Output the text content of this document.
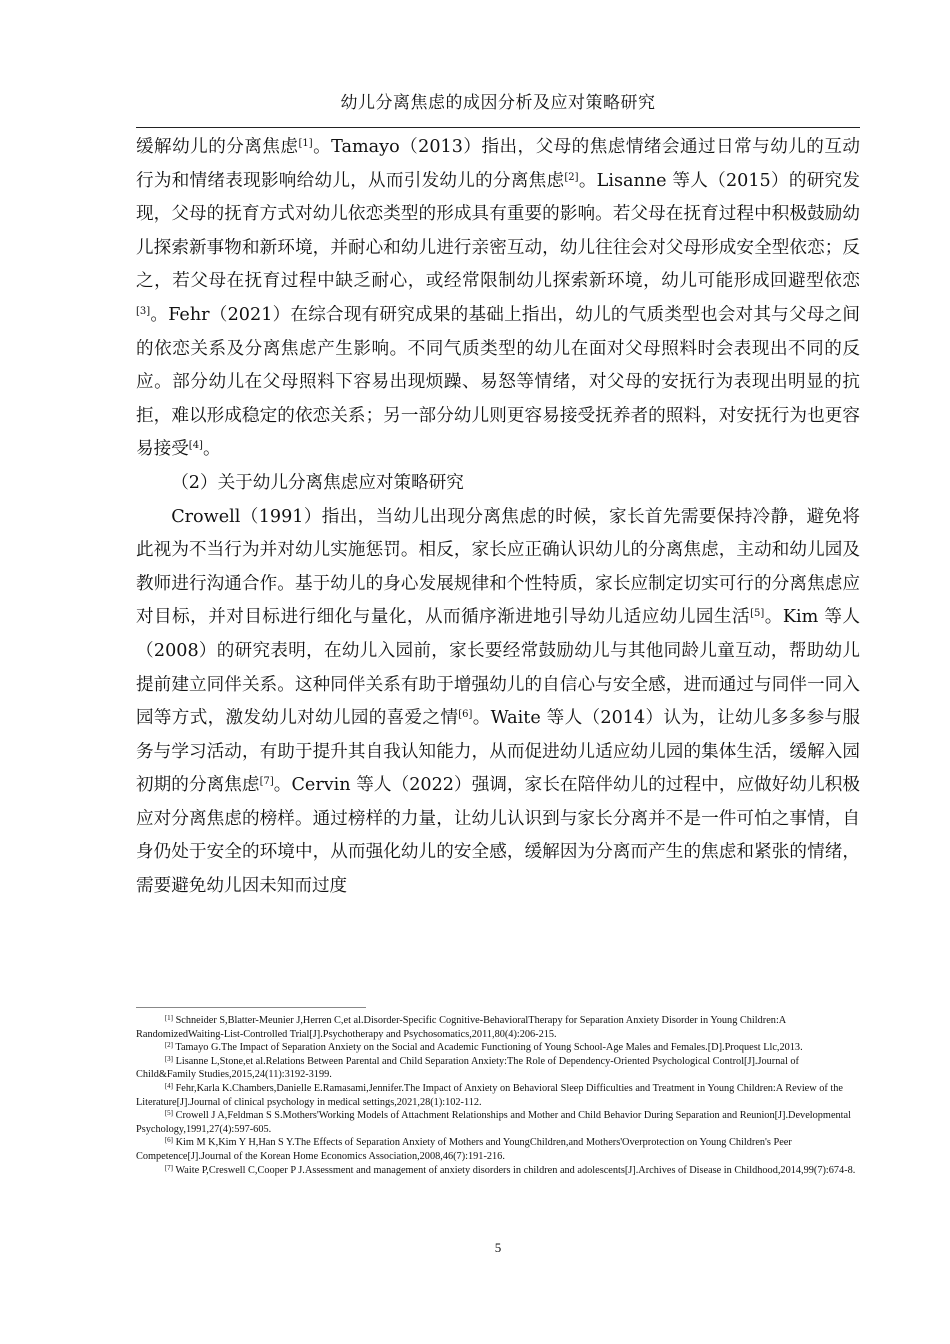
幼儿分离焦虑的成因分析及应对策略研究

缓解幼儿的分离焦虑[1]。Tamayo（2013）指出，父母的焦虑情绪会通过日常与幼儿的互动行为和情绪表现影响给幼儿，从而引发幼儿的分离焦虑[2]。Lisanne 等人（2015）的研究发现，父母的抚育方式对幼儿依恋类型的形成具有重要的影响。若父母在抚育过程中积极鼓励幼儿探索新事物和新环境，并耐心和幼儿进行亲密互动，幼儿往往会对父母形成安全型依恋；反之，若父母在抚育过程中缺乏耐心，或经常限制幼儿探索新环境，幼儿可能形成回避型依恋[3]。Fehr（2021）在综合现有研究成果的基础上指出，幼儿的气质类型也会对其与父母之间的依恋关系及分离焦虑产生影响。不同气质类型的幼儿在面对父母照料时会表现出不同的反应。部分幼儿在父母照料下容易出现烦躁、易怒等情绪，对父母的安抚行为表现出明显的抗拒，难以形成稳定的依恋关系；另一部分幼儿则更容易接受抚养者的照料，对安抚行为也更容易接受[4]。

（2）关于幼儿分离焦虑应对策略研究

Crowell（1991）指出，当幼儿出现分离焦虑的时候，家长首先需要保持冷静，避免将此视为不当行为并对幼儿实施惩罚。相反，家长应正确认识幼儿的分离焦虑，主动和幼儿园及教师进行沟通合作。基于幼儿的身心发展规律和个性特质，家长应制定切实可行的分离焦虑应对目标，并对目标进行细化与量化，从而循序渐进地引导幼儿适应幼儿园生活[5]。Kim 等人（2008）的研究表明，在幼儿入园前，家长要经常鼓励幼儿与其他同龄儿童互动，帮助幼儿提前建立同伴关系。这种同伴关系有助于增强幼儿的自信心与安全感，进而通过与同伴一同入园等方式，激发幼儿对幼儿园的喜爱之情[6]。Waite 等人（2014）认为，让幼儿多多参与服务与学习活动，有助于提升其自我认知能力，从而促进幼儿适应幼儿园的集体生活，缓解入园初期的分离焦虑[7]。Cervin 等人（2022）强调，家长在陪伴幼儿的过程中，应做好幼儿积极应对分离焦虑的榜样。通过榜样的力量，让幼儿认识到与家长分离并不是一件可怕之事情，自身仍处于安全的环境中，从而强化幼儿的安全感，缓解因为分离而产生的焦虑和紧张的情绪，需要避免幼儿因未知而过度

[1] Schneider S,Blatter-Meunier J,Herren C,et al.Disorder-Specific Cognitive-BehavioralTherapy for Separation Anxiety Disorder in Young Children:A RandomizedWaiting-List-Controlled Trial[J].Psychotherapy and Psychosomatics,2011,80(4):206-215.

[2] Tamayo G.The Impact of Separation Anxiety on the Social and Academic Functioning of Young School-Age Males and Females.[D].Proquest Llc,2013.

[3] Lisanne L,Stone,et al.Relations Between Parental and Child Separation Anxiety:The Role of Dependency-Oriented Psychological Control[J].Journal of Child&Family Studies,2015,24(11):3192-3199.

[4] Fehr,Karla K.Chambers,Danielle E.Ramasami,Jennifer.The Impact of Anxiety on Behavioral Sleep Difficulties and Treatment in Young Children:A Review of the Literature[J].Journal of clinical psychology in medical settings,2021,28(1):102-112.

[5] Crowell J A,Feldman S S.Mothers'Working Models of Attachment Relationships and Mother and Child Behavior During Separation and Reunion[J].Developmental Psychology,1991,27(4):597-605.

[6] Kim M K,Kim Y H,Han S Y.The Effects of Separation Anxiety of Mothers and YoungChildren,and Mothers'Overprotection on Young Children's Peer Competence[J].Journal of the Korean Home Economics Association,2008,46(7):191-216.

[7] Waite P,Creswell C,Cooper P J.Assessment and management of anxiety disorders in children and adolescents[J].Archives of Disease in Childhood,2014,99(7):674-8.

5
